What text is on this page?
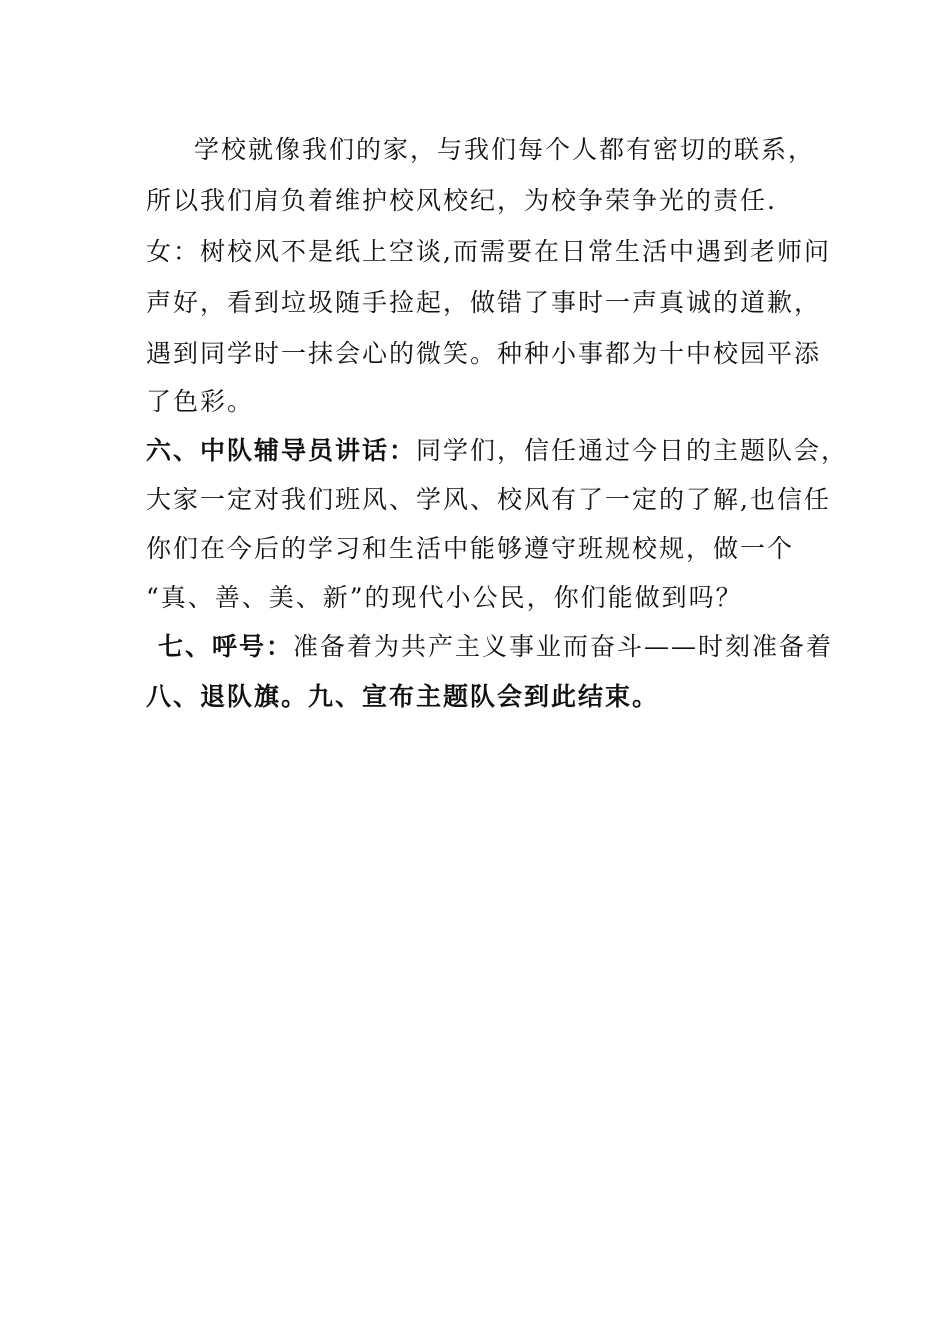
学校就像我们的家，与我们每个人都有密切的联系，
所以我们肩负着维护校风校纪，为校争荣争光的责任.
女：树校风不是纸上空谈,而需要在日常生活中遇到老师问
声好，看到垃圾随手捡起，做错了事时一声真诚的道歉，
遇到同学时一抹会心的微笑。种种小事都为十中校园平添
了色彩。
六、中队辅导员讲话：同学们，信任通过今日的主题队会，
大家一定对我们班风、学风、校风有了一定的了解,也信任
你们在今后的学习和生活中能够遵守班规校规，做一个
“真、善、美、新”的现代小公民，你们能做到吗？
七、呼号：准备着为共产主义事业而奋斗——时刻准备着
八、退队旗。九、宣布主题队会到此结束。
